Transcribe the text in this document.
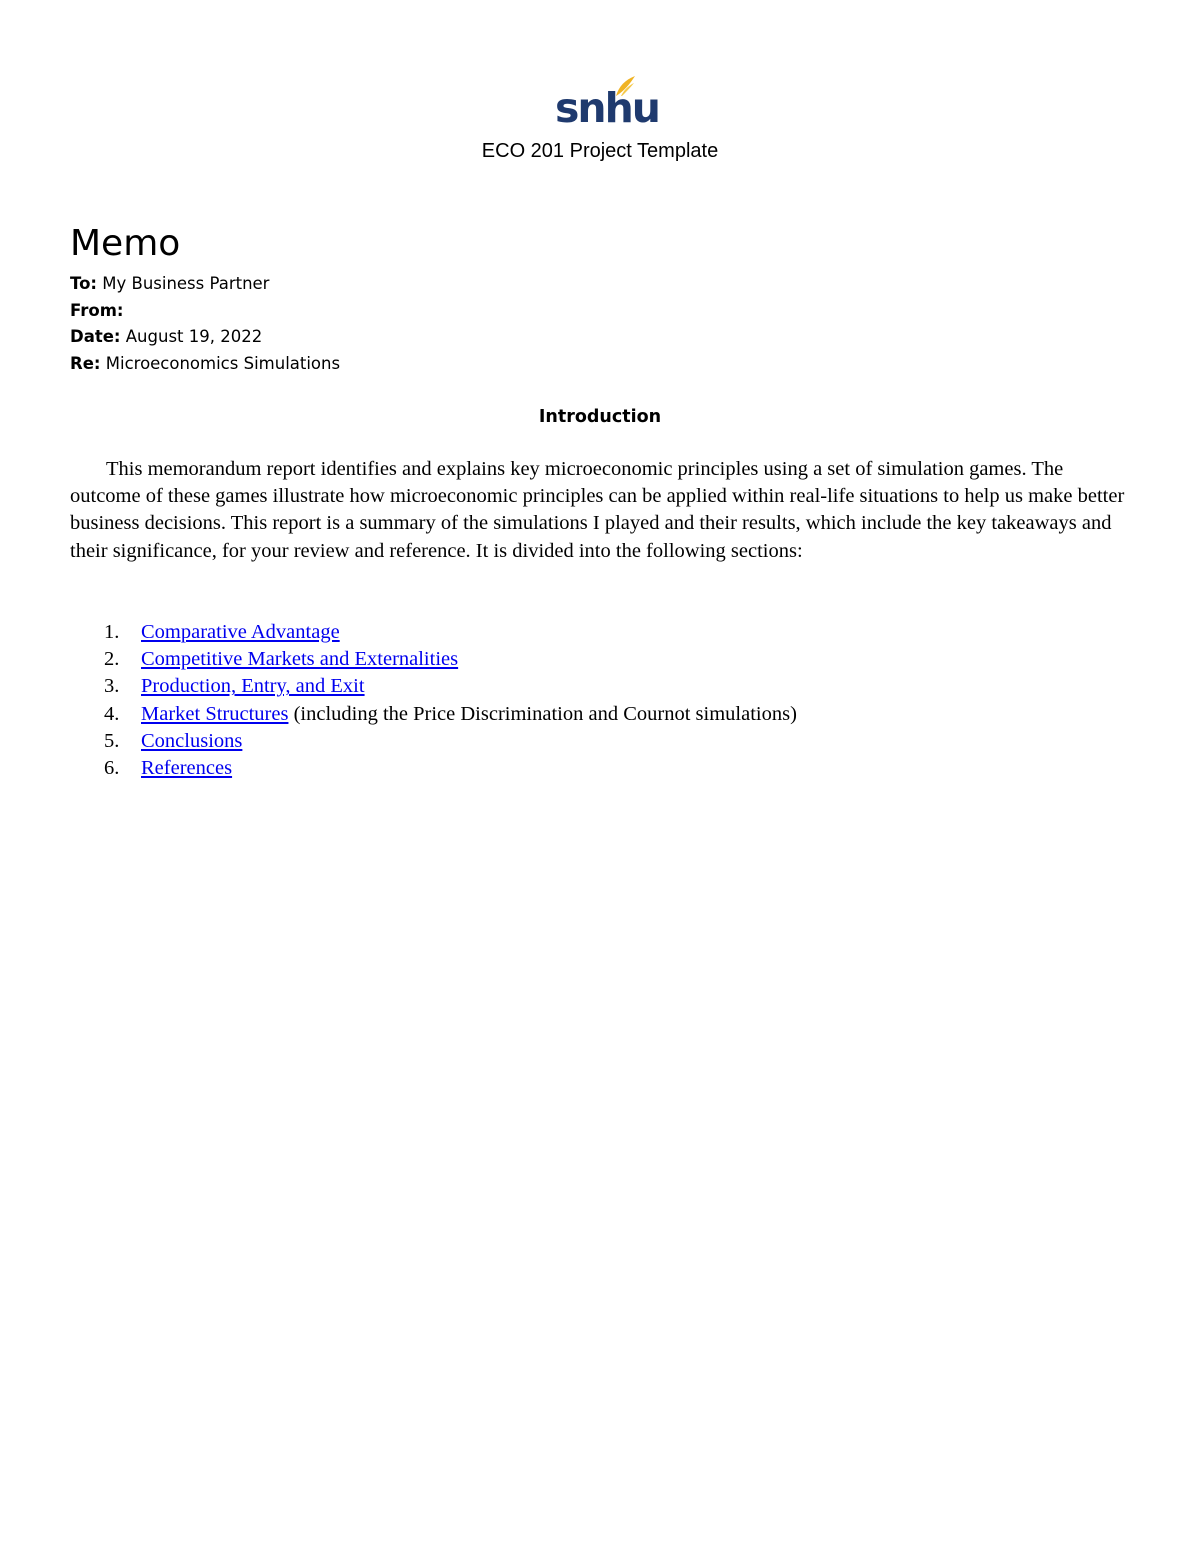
snhu
ECO 201 Project Template
Memo
To: My Business Partner
From:
Date: August 19, 2022
Re: Microeconomics Simulations
Introduction

This memorandum report identifies and explains key microeconomic principles using a set of simulation games. The outcome of these games illustrate how microeconomic principles can be applied within real-life situations to help us make better business decisions. This report is a summary of the simulations I played and their results, which include the key takeaways and their significance, for your review and reference. It is divided into the following sections:

1. Comparative Advantage
2. Competitive Markets and Externalities
3. Production, Entry, and Exit
4. Market Structures (including the Price Discrimination and Cournot simulations)
5. Conclusions
6. References
